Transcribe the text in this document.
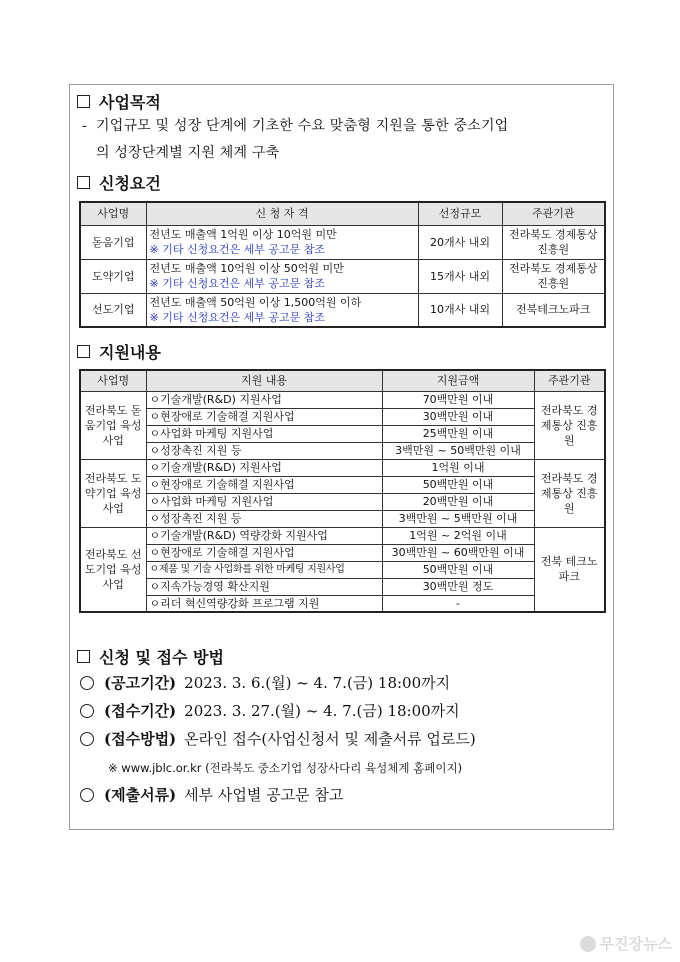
사업목적
- 기업규모 및 성장 단계에 기초한 수요 맞춤형 지원을 통한 중소기업
의 성장단계별 지원 체계 구축
신청요건
사업명	신 청 자 격	선정규모	주관기관
돋움기업	전년도 매출액 1억원 이상 10억원 미만
※ 기타 신청요건은 세부 공고문 참조	20개사 내외	전라북도 경제통상진흥원
도약기업	전년도 매출액 10억원 이상 50억원 미만
※ 기타 신청요건은 세부 공고문 참조	15개사 내외	전라북도 경제통상진흥원
선도기업	전년도 매출액 50억원 이상 1,500억원 이하
※ 기타 신청요건은 세부 공고문 참조	10개사 내외	전북테크노파크
지원내용
사업명	지원 내용	지원금액	주관기관
전라북도 돋움기업 육성사업	ㅇ기술개발(R&D) 지원사업	70백만원 이내	전라북도 경제통상 진흥원
	ㅇ현장애로 기술해결 지원사업	30백만원 이내	
	ㅇ사업화 마케팅 지원사업	25백만원 이내	
	ㅇ성장촉진 지원 등	3백만원 ~ 50백만원 이내	
전라북도 도약기업 육성사업	ㅇ기술개발(R&D) 지원사업	1억원 이내	전라북도 경제통상 진흥원
	ㅇ현장애로 기술해결 지원사업	50백만원 이내	
	ㅇ사업화 마케팅 지원사업	20백만원 이내	
	ㅇ성장촉진 지원 등	3백만원 ~ 5백만원 이내	
전라북도 선도기업 육성사업	ㅇ기술개발(R&D) 역량강화 지원사업	1억원 ~ 2억원 이내	전북 테크노파크
	ㅇ현장애로 기술해결 지원사업	30백만원 ~ 60백만원 이내	
	ㅇ제품 및 기술 사업화를 위한 마케팅 지원사업	50백만원 이내	
	ㅇ지속가능경영 확산지원	30백만원 정도	
	ㅇ리더 혁신역량강화 프로그램 지원	-	
신청 및 접수 방법
(공고기간) 2023. 3. 6.(월) ~ 4. 7.(금) 18:00까지
(접수기간) 2023. 3. 27.(월) ~ 4. 7.(금) 18:00까지
(접수방법) 온라인 접수(사업신청서 및 제출서류 업로드)
※ www.jblc.or.kr (전라북도 중소기업 성장사다리 육성체계 홈페이지)
(제출서류) 세부 사업별 공고문 참고
무진장뉴스
